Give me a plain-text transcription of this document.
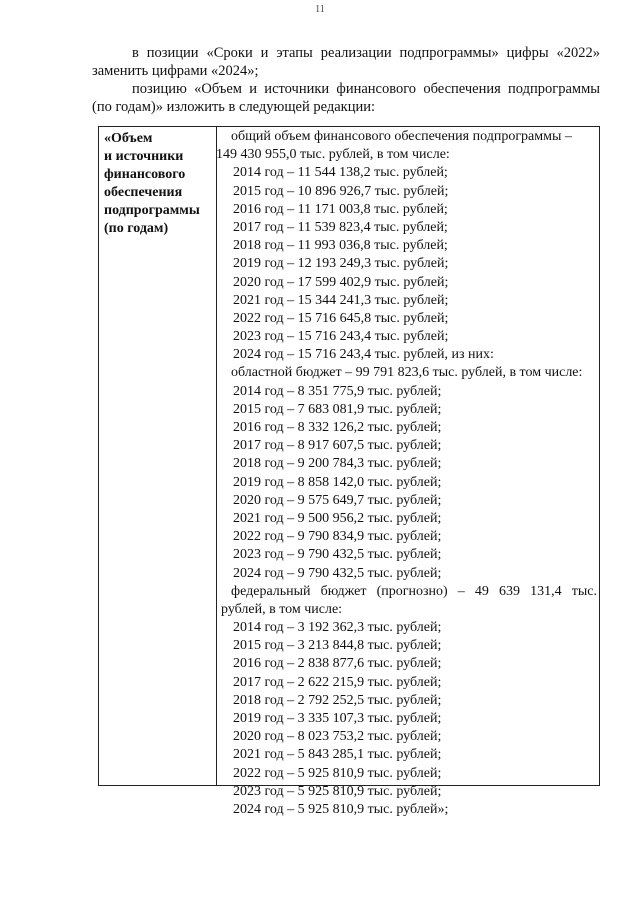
11
в позиции «Сроки и этапы реализации подпрограммы» цифры «2022» заменить цифрами «2024»;
позицию «Объем и источники финансового обеспечения подпрограммы (по годам)» изложить в следующей редакции:
«Объем
и источники
финансового
обеспечения
подпрограммы
(по годам)
общий объем финансового обеспечения подпрограммы –
149 430 955,0 тыс. рублей, в том числе:
2014 год – 11 544 138,2 тыс. рублей;
2015 год – 10 896 926,7 тыс. рублей;
2016 год – 11 171 003,8 тыс. рублей;
2017 год – 11 539 823,4 тыс. рублей;
2018 год – 11 993 036,8 тыс. рублей;
2019 год – 12 193 249,3 тыс. рублей;
2020 год – 17 599 402,9 тыс. рублей;
2021 год – 15 344 241,3 тыс. рублей;
2022 год – 15 716 645,8 тыс. рублей;
2023 год – 15 716 243,4 тыс. рублей;
2024 год – 15 716 243,4 тыс. рублей, из них:
областной бюджет – 99 791 823,6 тыс. рублей, в том числе:
2014 год – 8 351 775,9 тыс. рублей;
2015 год – 7 683 081,9 тыс. рублей;
2016 год – 8 332 126,2 тыс. рублей;
2017 год – 8 917 607,5 тыс. рублей;
2018 год – 9 200 784,3 тыс. рублей;
2019 год – 8 858 142,0 тыс. рублей;
2020 год – 9 575 649,7 тыс. рублей;
2021 год – 9 500 956,2 тыс. рублей;
2022 год – 9 790 834,9 тыс. рублей;
2023 год – 9 790 432,5 тыс. рублей;
2024 год – 9 790 432,5 тыс. рублей;
федеральный бюджет (прогнозно) – 49 639 131,4 тыс.
рублей, в том числе:
2014 год – 3 192 362,3 тыс. рублей;
2015 год – 3 213 844,8 тыс. рублей;
2016 год – 2 838 877,6 тыс. рублей;
2017 год – 2 622 215,9 тыс. рублей;
2018 год – 2 792 252,5 тыс. рублей;
2019 год – 3 335 107,3 тыс. рублей;
2020 год – 8 023 753,2 тыс. рублей;
2021 год – 5 843 285,1 тыс. рублей;
2022 год – 5 925 810,9 тыс. рублей;
2023 год – 5 925 810,9 тыс. рублей;
2024 год – 5 925 810,9 тыс. рублей»;
